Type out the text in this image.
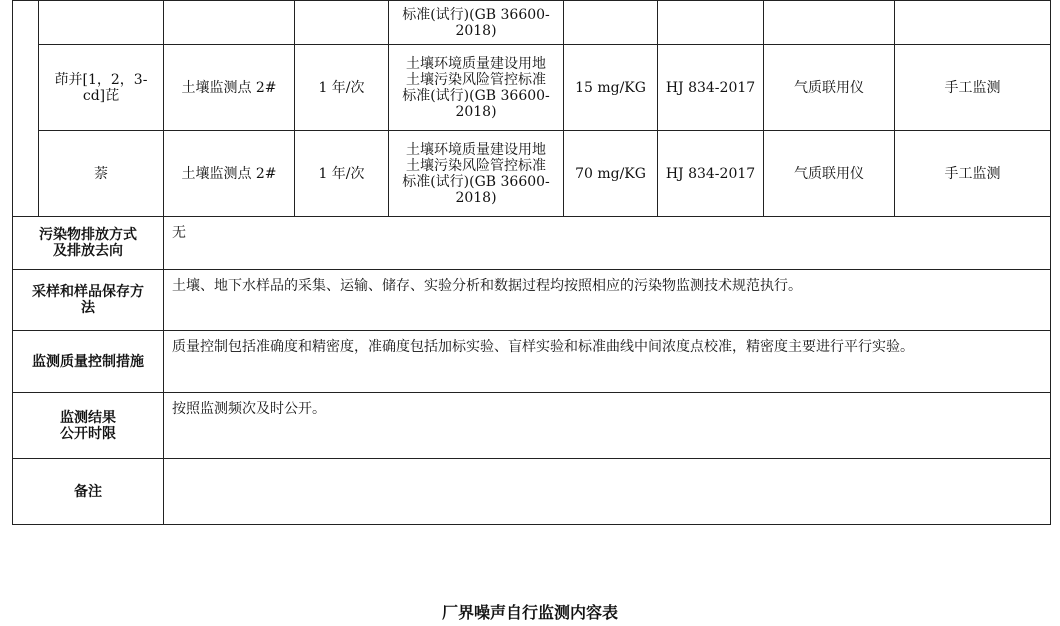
				标准(试行)(GB 36600-
2018)				

	茚并[1，2，3-
cd]芘	土壤监测点 2#	1 年/次	土壤环境质量建设用地
土壤污染风险管控标准
标准(试行)(GB 36600-
2018)	15 mg/KG	HJ 834-2017	气质联用仪	手工监测

	萘	土壤监测点 2#	1 年/次	土壤环境质量建设用地
土壤污染风险管控标准
标准(试行)(GB 36600-
2018)	70 mg/KG	HJ 834-2017	气质联用仪	手工监测

污染物排放方式
及排放去向		无						

采样和样品保存方
法		土壤、地下水样品的采集、运输、储存、实验分析和数据过程均按照相应的污染物监测技术规范执行。						

监测质量控制措施		质量控制包括准确度和精密度，准确度包括加标实验、盲样实验和标准曲线中间浓度点校准，精密度主要进行平行实验。						

监测结果
公开时限		按照监测频次及时公开。						

备注								

厂界噪声自行监测内容表
